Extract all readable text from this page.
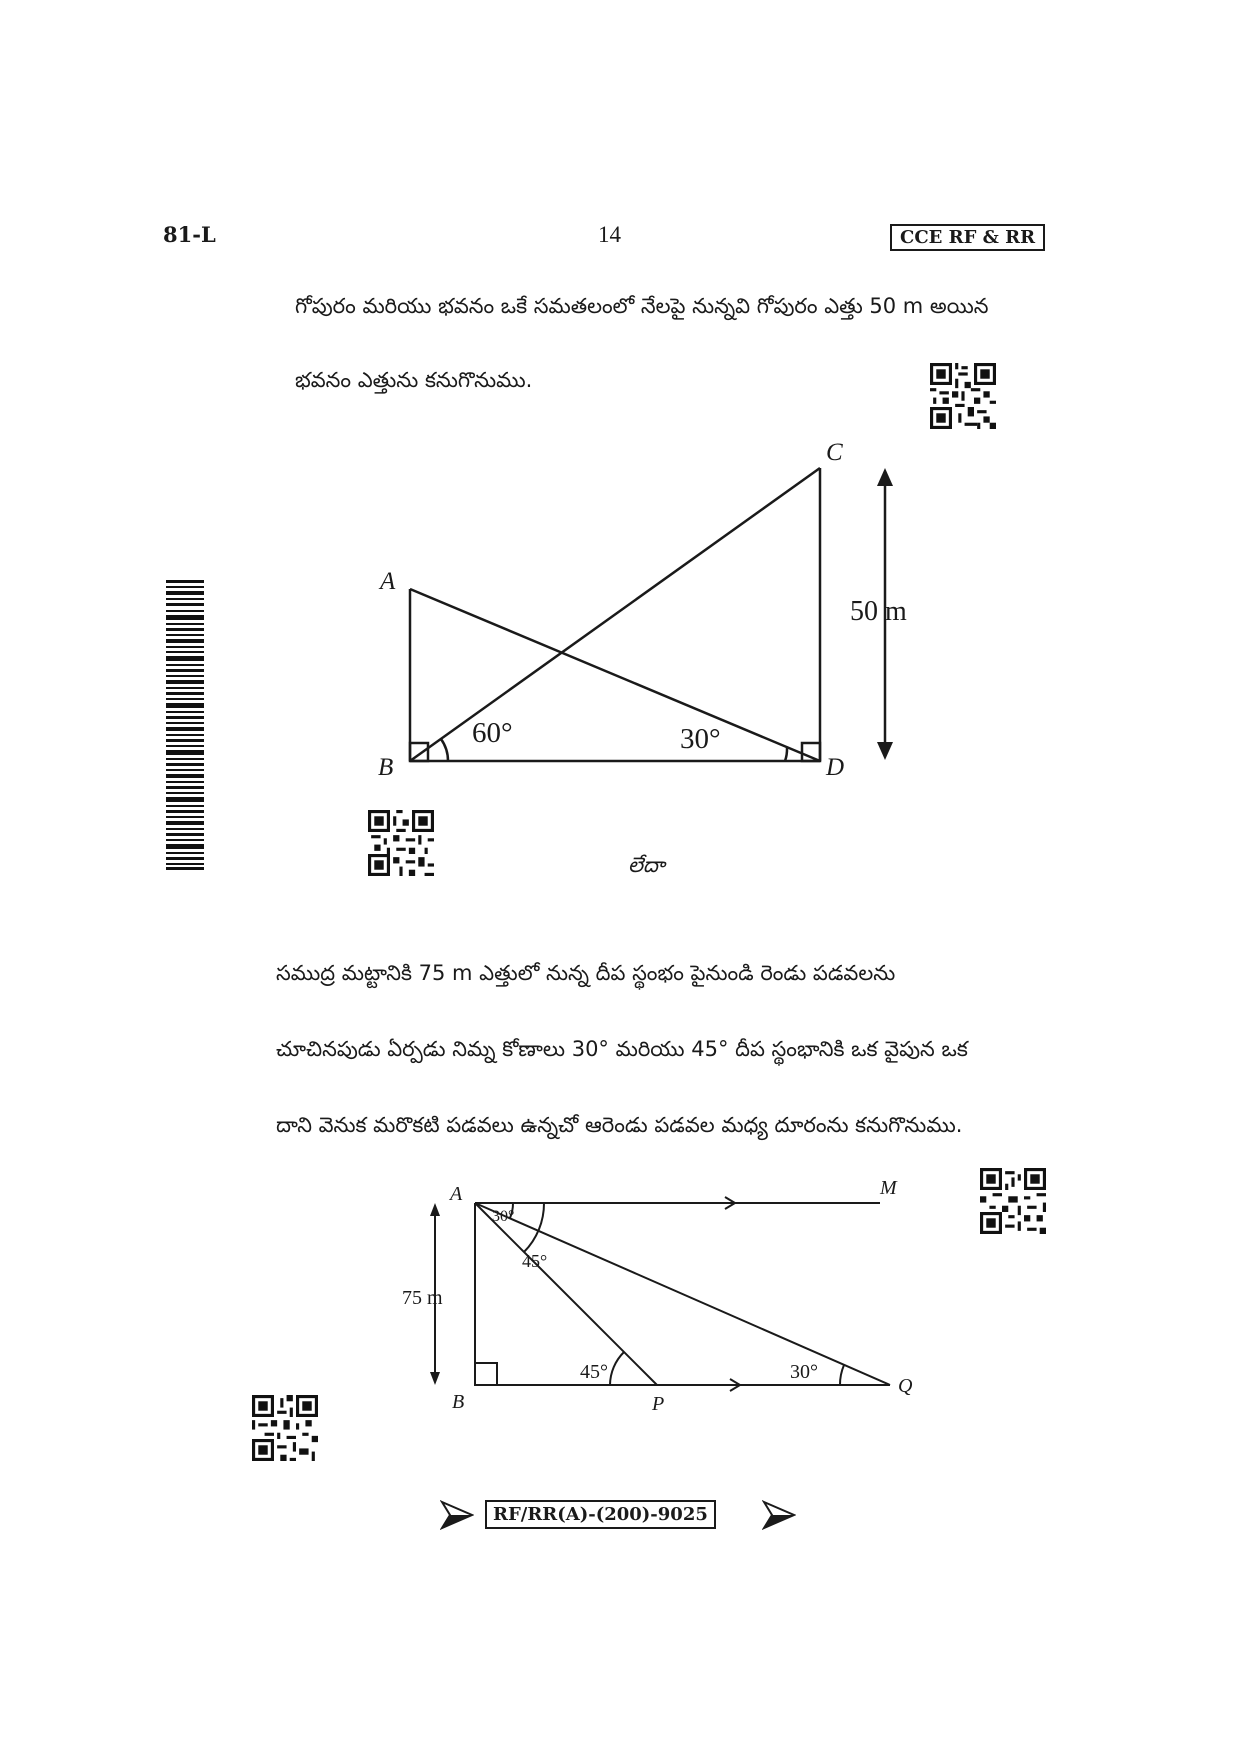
81-L	14	CCE RF & RR
గోపురం మరియు భవనం ఒకే సమతలంలో నేలపై నున్నవి గోపురం ఎత్తు 50 m అయిన
భవనం ఎత్తును కనుగొనుము.
A
B
C
D
60°	30°
50 m
లేదా
సముద్ర మట్టానికి 75 m ఎత్తులో నున్న దీప స్థంభం పైనుండి రెండు పడవలను
చూచినపుడు ఏర్పడు నిమ్న కోణాలు 30° మరియు 45° దీప స్థంభానికి ఒక వైపున ఒక
దాని వెనుక మరొకటి పడవలు ఉన్నచో ఆరెండు పడవల మధ్య దూరంను కనుగొనుము.
A	M
B	P
Q
30°
45°
45°	30°
75 m
RF/RR(A)-(200)-9025
